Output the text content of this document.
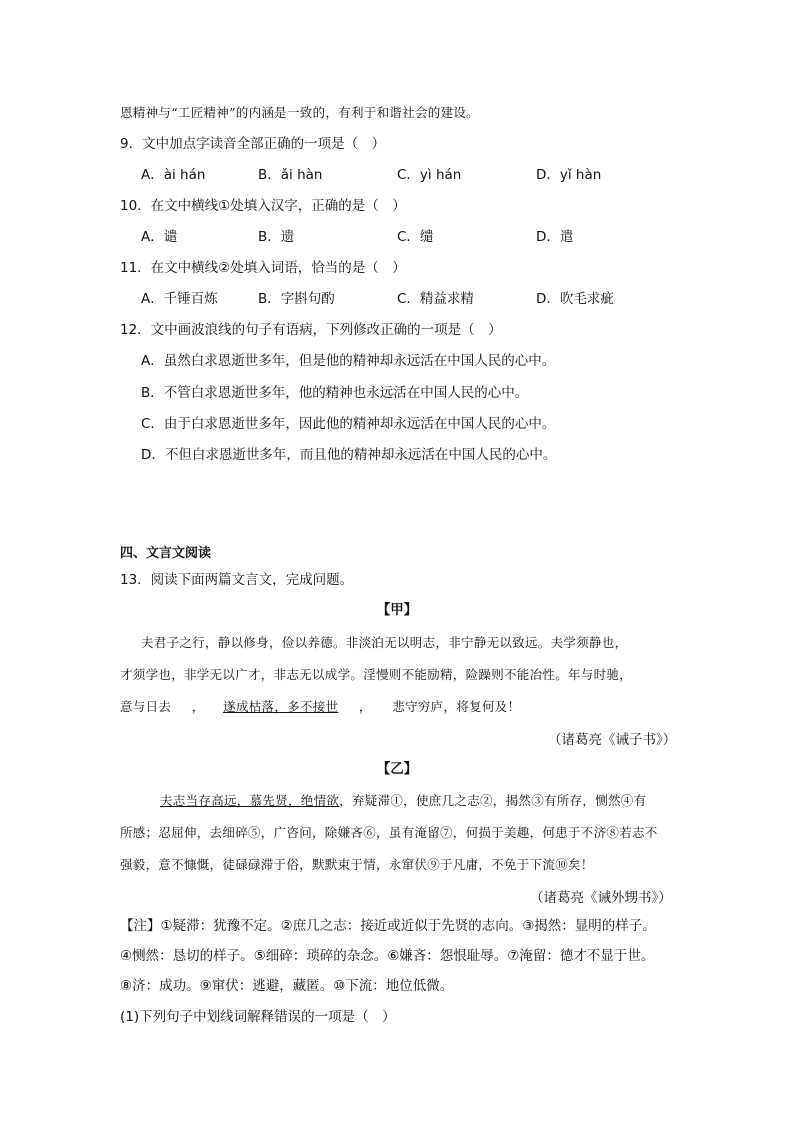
恩精神与“工匠精神”的内涵是一致的，有利于和谐社会的建设。
9．文中加点字读音全部正确的一项是（　）
A．ài hán	B．ǎi hàn	C．yì hán	D．yǐ hàn
10．在文中横线①处填入汉字，正确的是（　）
A．谴	B．遗	C．缱	D．遣
11．在文中横线②处填入词语，恰当的是（　）
A．千锤百炼	B．字斟句酌	C．精益求精	D．吹毛求疵
12．文中画波浪线的句子有语病，下列修改正确的一项是（　）
A．虽然白求恩逝世多年，但是他的精神却永远活在中国人民的心中。
B．不管白求恩逝世多年，他的精神也永远活在中国人民的心中。
C．由于白求恩逝世多年，因此他的精神却永远活在中国人民的心中。
D．不但白求恩逝世多年，而且他的精神却永远活在中国人民的心中。
四、文言文阅读
13．阅读下面两篇文言文，完成问题。
【甲】
夫君子之行，静以修身，俭以养德。非淡泊无以明志，非宁静无以致远。夫学须静也，
才须学也，非学无以广才，非志无以成学。淫慢则不能励精，险躁则不能冶性。年与时驰，
意与日去 ， 遂成枯落，多不接世 ， 悲守穷庐，将复何及！
（诸葛亮《诫子书》）
【乙】
夫志当存高远，慕先贤，绝情欲，弃疑滞①，使庶几之志②，揭然③有所存，恻然④有
所感；忍屈伸，去细碎⑤，广咨问，除嫌吝⑥，虽有淹留⑦，何损于美趣，何患于不济⑧若志不
强毅，意不慷慨，徒碌碌滞于俗，默默束于情，永窜伏⑨于凡庸，不免于下流⑩矣！
（诸葛亮《诫外甥书》）
【注】①疑滞：犹豫不定。②庶几之志：接近或近似于先贤的志向。③揭然：显明的样子。
④恻然：恳切的样子。⑤细碎：琐碎的杂念。⑥嫌吝：怨恨耻辱。⑦淹留：德才不显于世。
⑧济：成功。⑨窜伏：逃避，藏匿。⑩下流：地位低微。
(1)下列句子中划线词解释错误的一项是（　）
